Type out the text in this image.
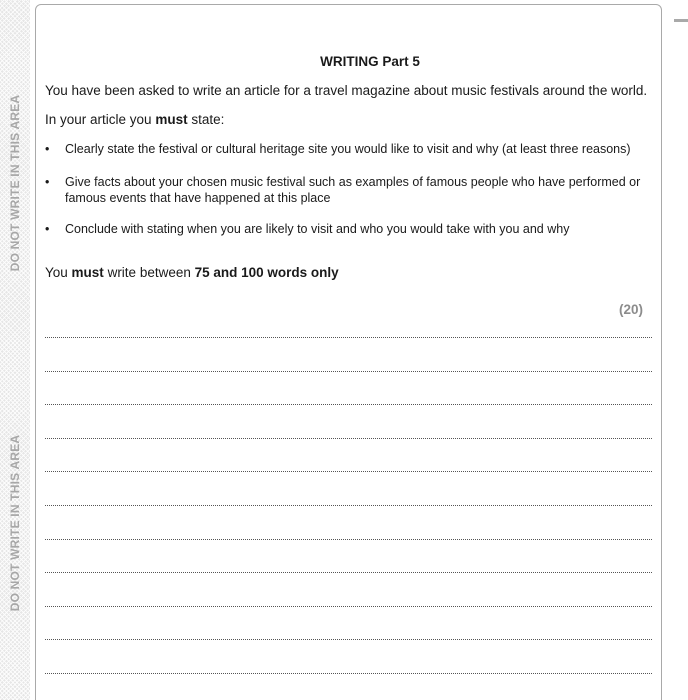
DO NOT WRITE IN THIS AREA
DO NOT WRITE IN THIS AREA
WRITING Part 5
You have been asked to write an article for a travel magazine about music festivals around the world.
In your article you must state:
• Clearly state the festival or cultural heritage site you would like to visit and why (at least three reasons)
• Give facts about your chosen music festival such as examples of famous people who have performed or
famous events that have happened at this place
• Conclude with stating when you are likely to visit and who you would take with you and why
You must write between 75 and 100 words only
(20)
